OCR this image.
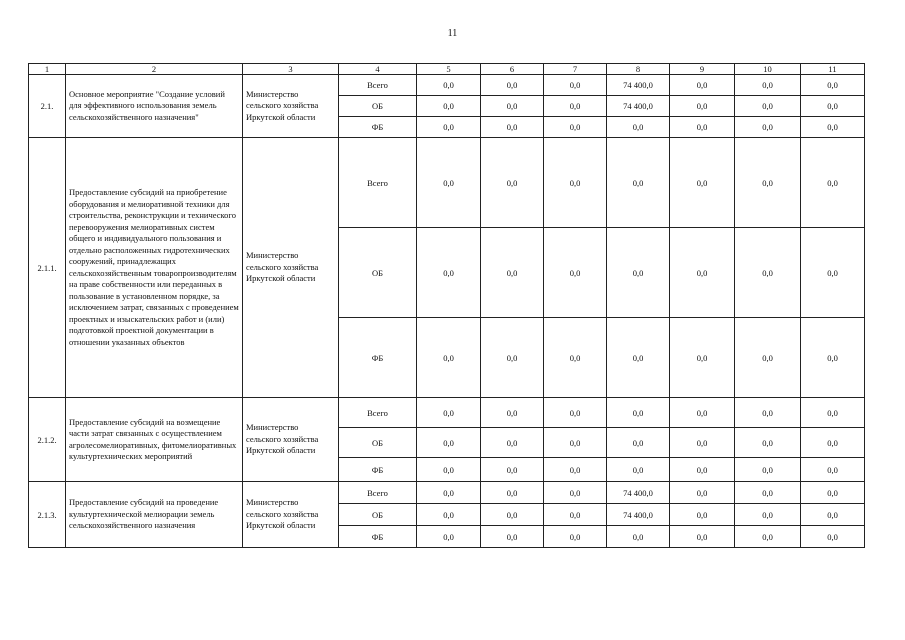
11
1	2	3	4	5	6	7	8	9	10	11
2.1.	Основное мероприятие "Создание условий для эффективного использования земель сельскохозяйственного назначения"	Министерство сельского хозяйства Иркутской области	Всего	0,0	0,0	0,0	74 400,0	0,0	0,0	0,0
			ОБ	0,0	0,0	0,0	74 400,0	0,0	0,0	0,0
			ФБ	0,0	0,0	0,0	0,0	0,0	0,0	0,0
2.1.1.	Предоставление субсидий на приобретение оборудования и мелиоративной техники для строительства, реконструкции и технического перевооружения мелиоративных систем общего и индивидуального пользования и отдельно расположенных гидротехнических сооружений, принадлежащих сельскохозяйственным товаропроизводителям на праве собственности или переданных в пользование в установленном порядке, за исключением затрат, связанных с проведением проектных и изыскательских работ и (или) подготовкой проектной документации в отношении указанных объектов	Министерство сельского хозяйства Иркутской области	Всего	0,0	0,0	0,0	0,0	0,0	0,0	0,0
			ОБ	0,0	0,0	0,0	0,0	0,0	0,0	0,0
			ФБ	0,0	0,0	0,0	0,0	0,0	0,0	0,0
2.1.2.	Предоставление субсидий на возмещение части затрат связанных с осуществлением агролесомелиоративных, фитомелиоративных культуртехнических мероприятий	Министерство сельского хозяйства Иркутской области	Всего	0,0	0,0	0,0	0,0	0,0	0,0	0,0
			ОБ	0,0	0,0	0,0	0,0	0,0	0,0	0,0
			ФБ	0,0	0,0	0,0	0,0	0,0	0,0	0,0
2.1.3.	Предоставление субсидий на проведение культуртехнической мелиорации земель сельскохозяйственного назначения	Министерство сельского хозяйства Иркутской области	Всего	0,0	0,0	0,0	74 400,0	0,0	0,0	0,0
			ОБ	0,0	0,0	0,0	74 400,0	0,0	0,0	0,0
			ФБ	0,0	0,0	0,0	0,0	0,0	0,0	0,0
